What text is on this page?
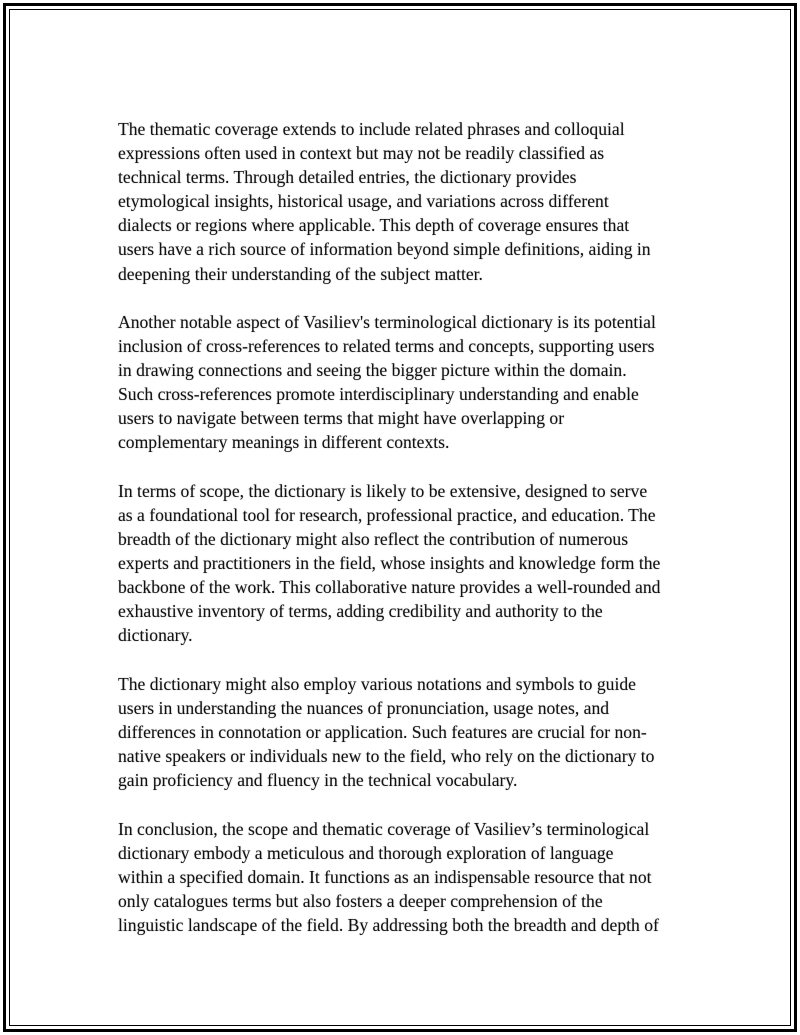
The thematic coverage extends to include related phrases and colloquial
expressions often used in context but may not be readily classified as
technical terms. Through detailed entries, the dictionary provides
etymological insights, historical usage, and variations across different
dialects or regions where applicable. This depth of coverage ensures that
users have a rich source of information beyond simple definitions, aiding in
deepening their understanding of the subject matter.
Another notable aspect of Vasiliev's terminological dictionary is its potential
inclusion of cross-references to related terms and concepts, supporting users
in drawing connections and seeing the bigger picture within the domain.
Such cross-references promote interdisciplinary understanding and enable
users to navigate between terms that might have overlapping or
complementary meanings in different contexts.
In terms of scope, the dictionary is likely to be extensive, designed to serve
as a foundational tool for research, professional practice, and education. The
breadth of the dictionary might also reflect the contribution of numerous
experts and practitioners in the field, whose insights and knowledge form the
backbone of the work. This collaborative nature provides a well-rounded and
exhaustive inventory of terms, adding credibility and authority to the
dictionary.
The dictionary might also employ various notations and symbols to guide
users in understanding the nuances of pronunciation, usage notes, and
differences in connotation or application. Such features are crucial for non-
native speakers or individuals new to the field, who rely on the dictionary to
gain proficiency and fluency in the technical vocabulary.
In conclusion, the scope and thematic coverage of Vasiliev’s terminological
dictionary embody a meticulous and thorough exploration of language
within a specified domain. It functions as an indispensable resource that not
only catalogues terms but also fosters a deeper comprehension of the
linguistic landscape of the field. By addressing both the breadth and depth of
